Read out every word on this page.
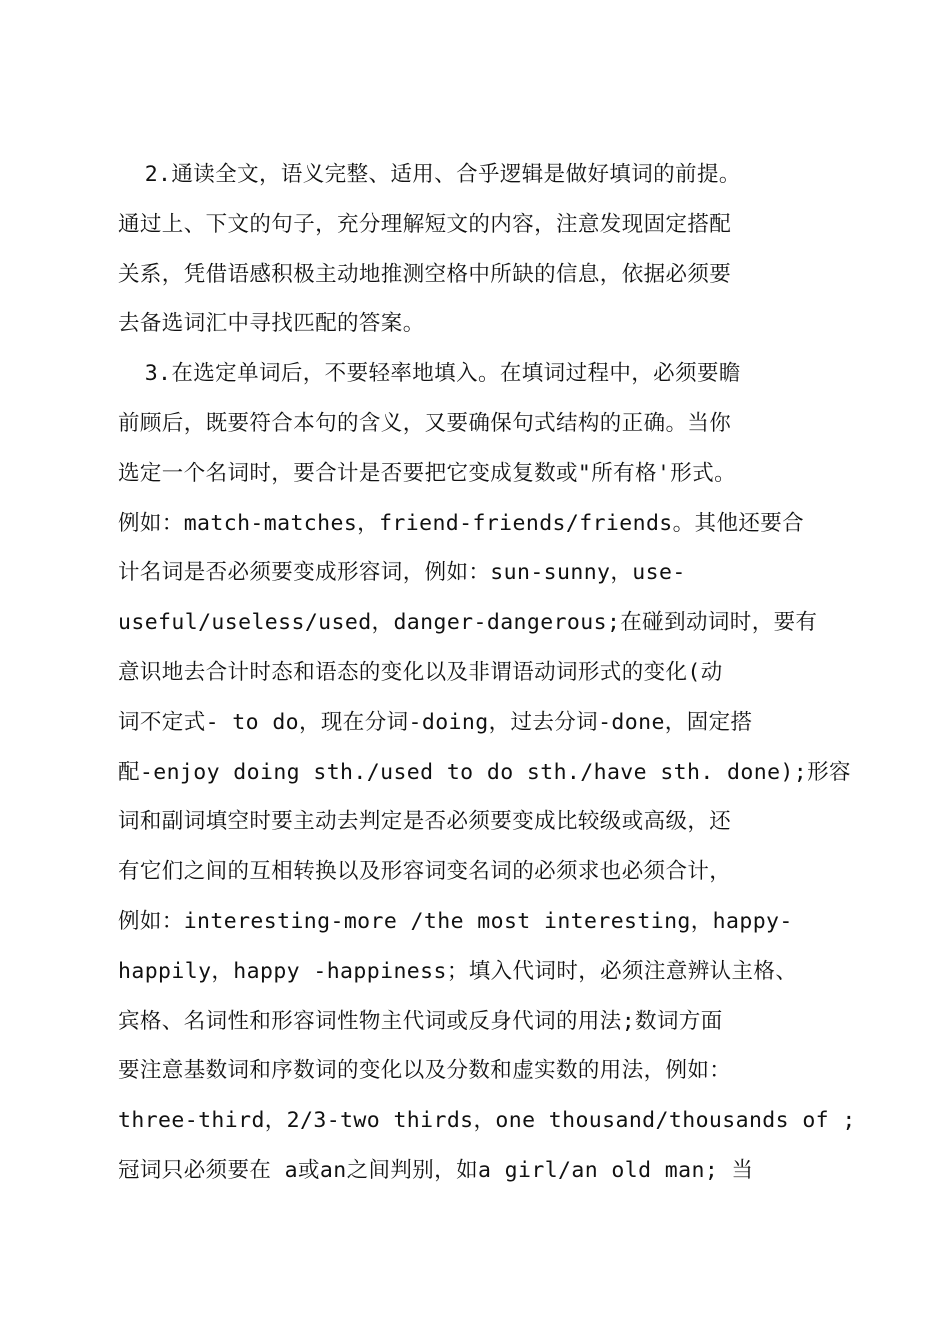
2.通读全文，语义完整、适用、合乎逻辑是做好填词的前提。
通过上、下文的句子，充分理解短文的内容，注意发现固定搭配
关系，凭借语感积极主动地推测空格中所缺的信息，依据必须要
去备选词汇中寻找匹配的答案。
3.在选定单词后，不要轻率地填入。在填词过程中，必须要瞻
前顾后，既要符合本句的含义，又要确保句式结构的正确。当你
选定一个名词时，要合计是否要把它变成复数或"所有格'形式。
例如：match-matches，friend-friends/friends。其他还要合
计名词是否必须要变成形容词，例如：sun-sunny，use-
useful/useless/used，danger-dangerous;在碰到动词时，要有
意识地去合计时态和语态的变化以及非谓语动词形式的变化(动
词不定式- to do，现在分词-doing，过去分词-done，固定搭
配-enjoy doing sth./used to do sth./have sth. done);形容
词和副词填空时要主动去判定是否必须要变成比较级或高级，还
有它们之间的互相转换以及形容词变名词的必须求也必须合计，
例如：interesting-more /the most interesting，happy-
happily，happy -happiness；填入代词时，必须注意辨认主格、
宾格、名词性和形容词性物主代词或反身代词的用法;数词方面
要注意基数词和序数词的变化以及分数和虚实数的用法，例如：
three-third，2/3-two thirds，one thousand/thousands of ;
冠词只必须要在 a或an之间判别，如a girl/an old man; 当
